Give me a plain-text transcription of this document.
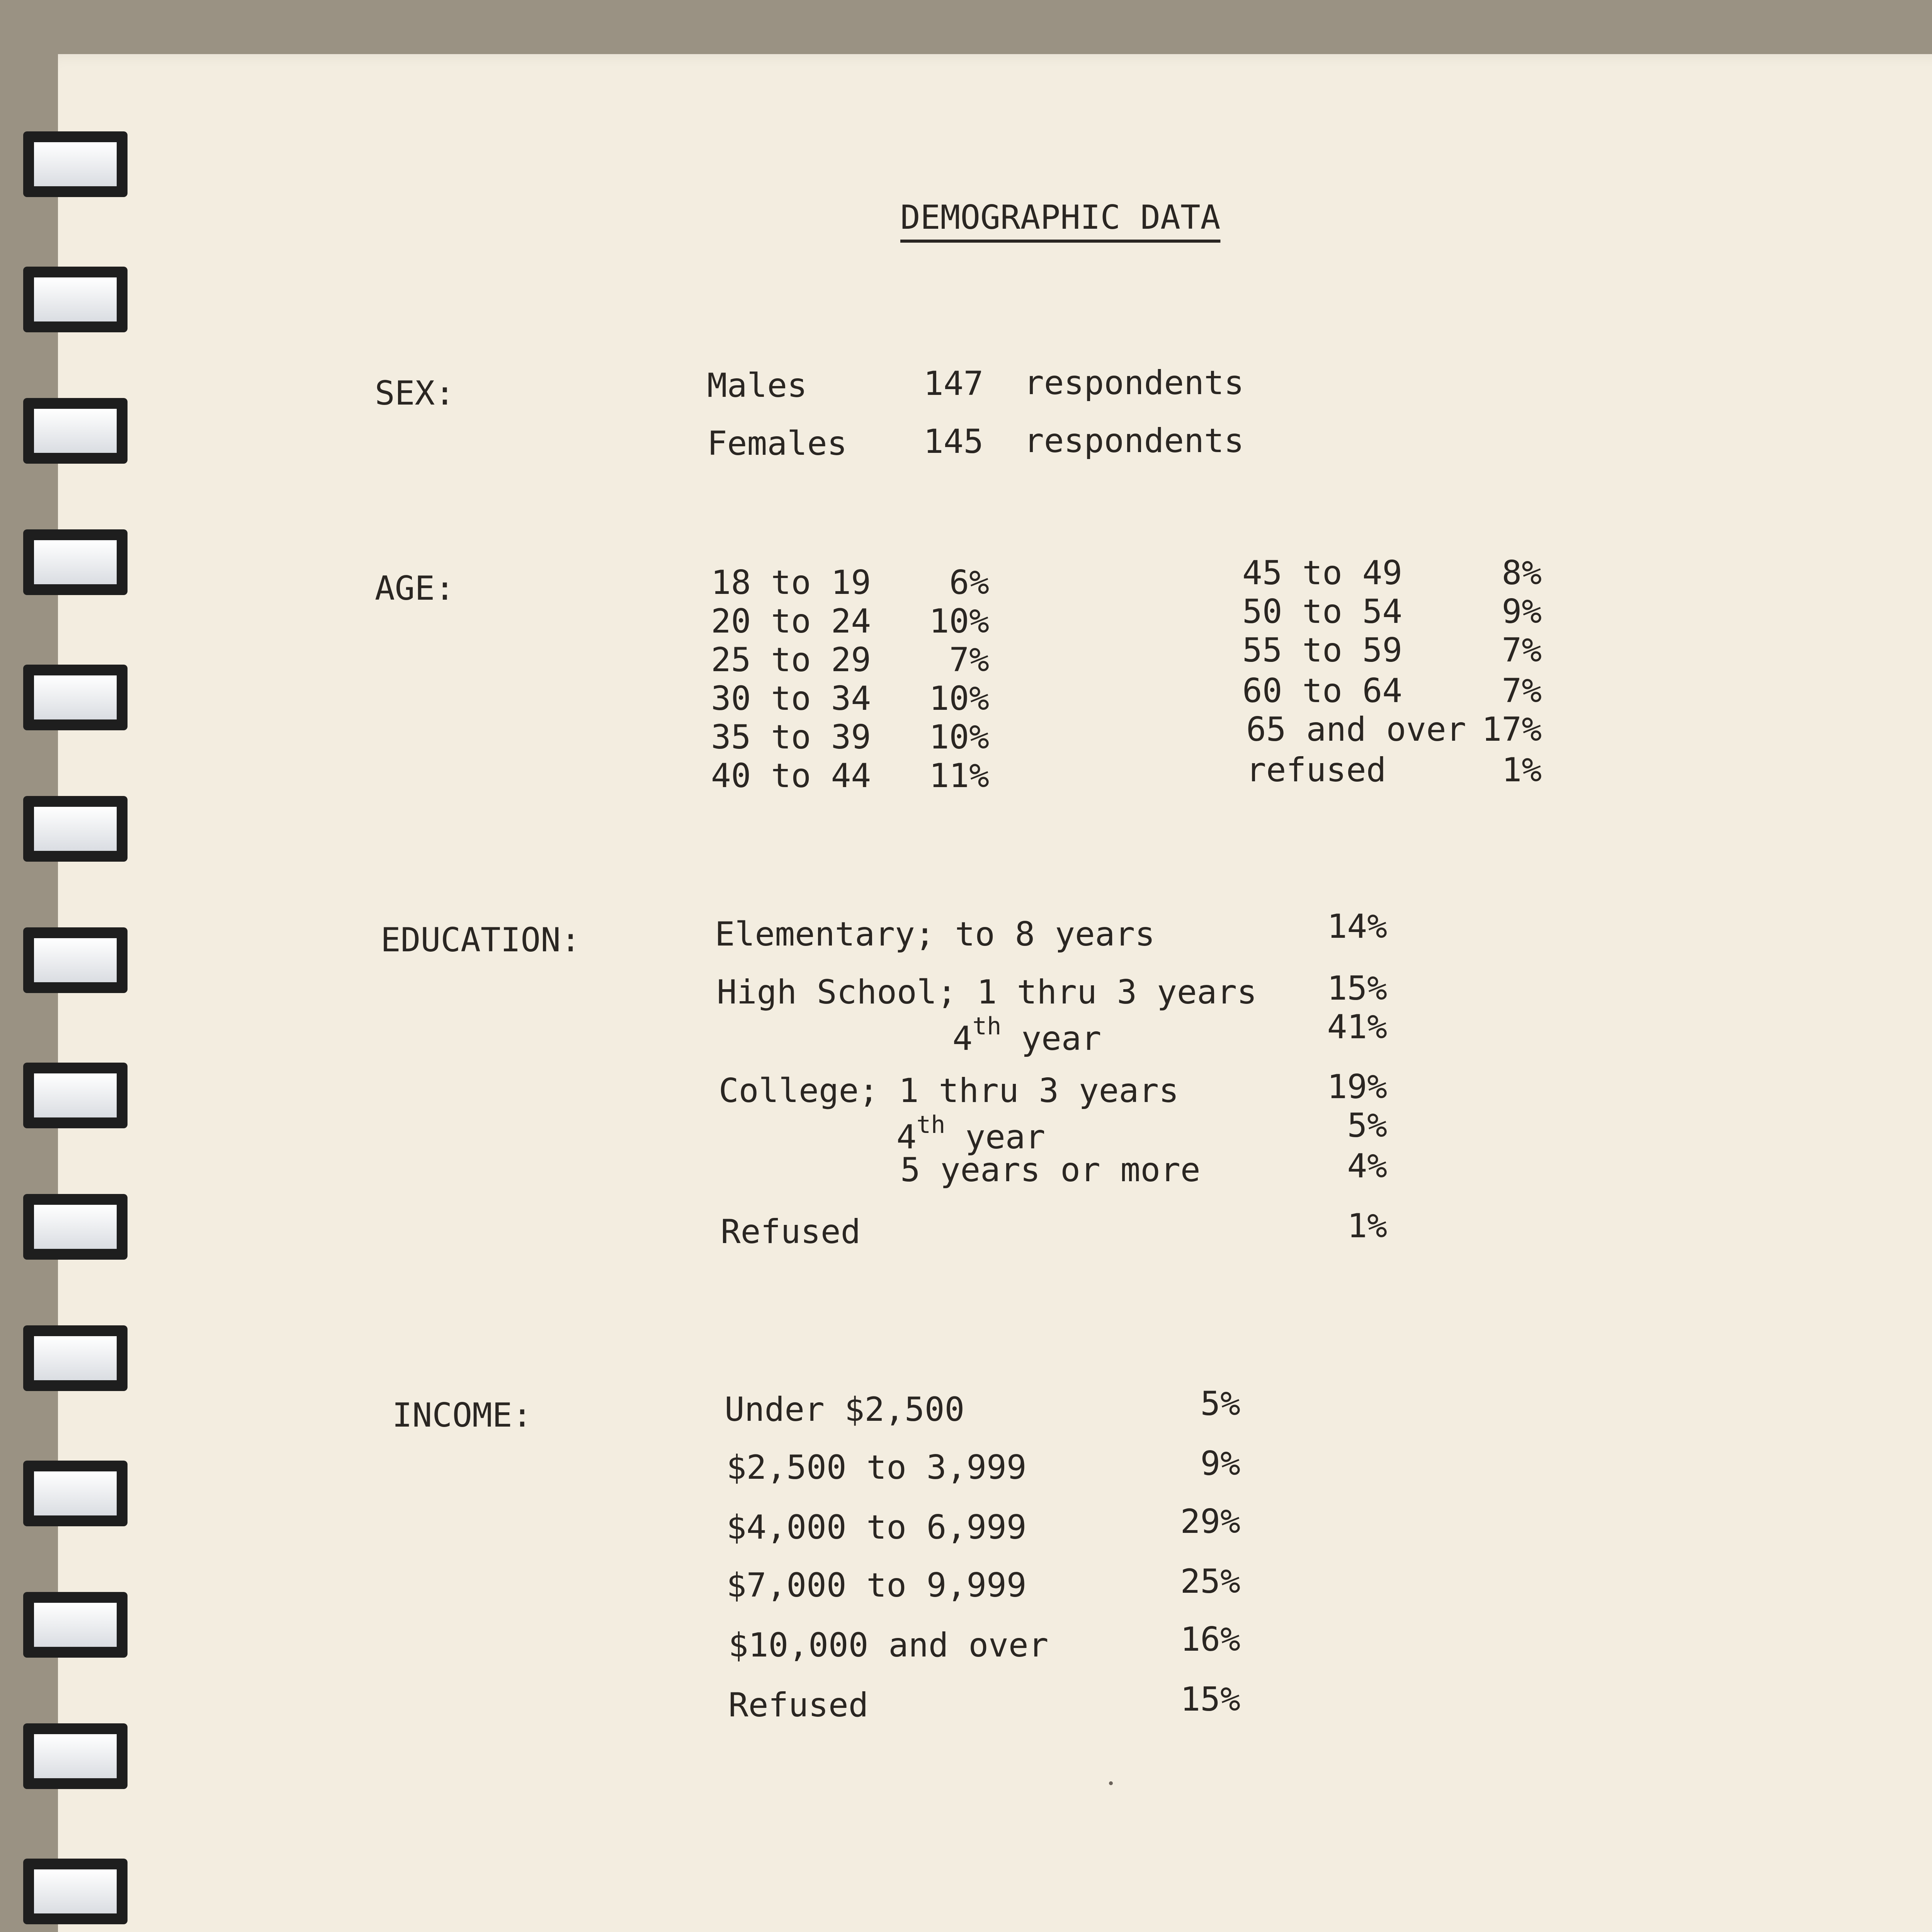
DEMOGRAPHIC DATA
SEX:	Males	147 respondents
Females 145 respondents
AGE:	18 to 19	6%
20 to 24 10%
25 to 29	7%
30 to 34 10%
35 to 39 10%
40 to 44 11%
45 to 49	8%
50 to 54	9%
55 to 59	7%
60 to 64	7%
65 and over 17%
refused	1%
EDUCATION:	Elementary; to 8 years	14%
High School; 1 thru 3 years	15%
4th year	41%
College; 1 thru 3 years	19%
4th year	5%
5 years or more	4%
Refused	1%
INCOME:	Under $2,500	5%
$2,500 to 3,999	9%
$4,000 to 6,999	29%
$7,000 to 9,999	25%
$10,000 and over	16%
Refused	15%
